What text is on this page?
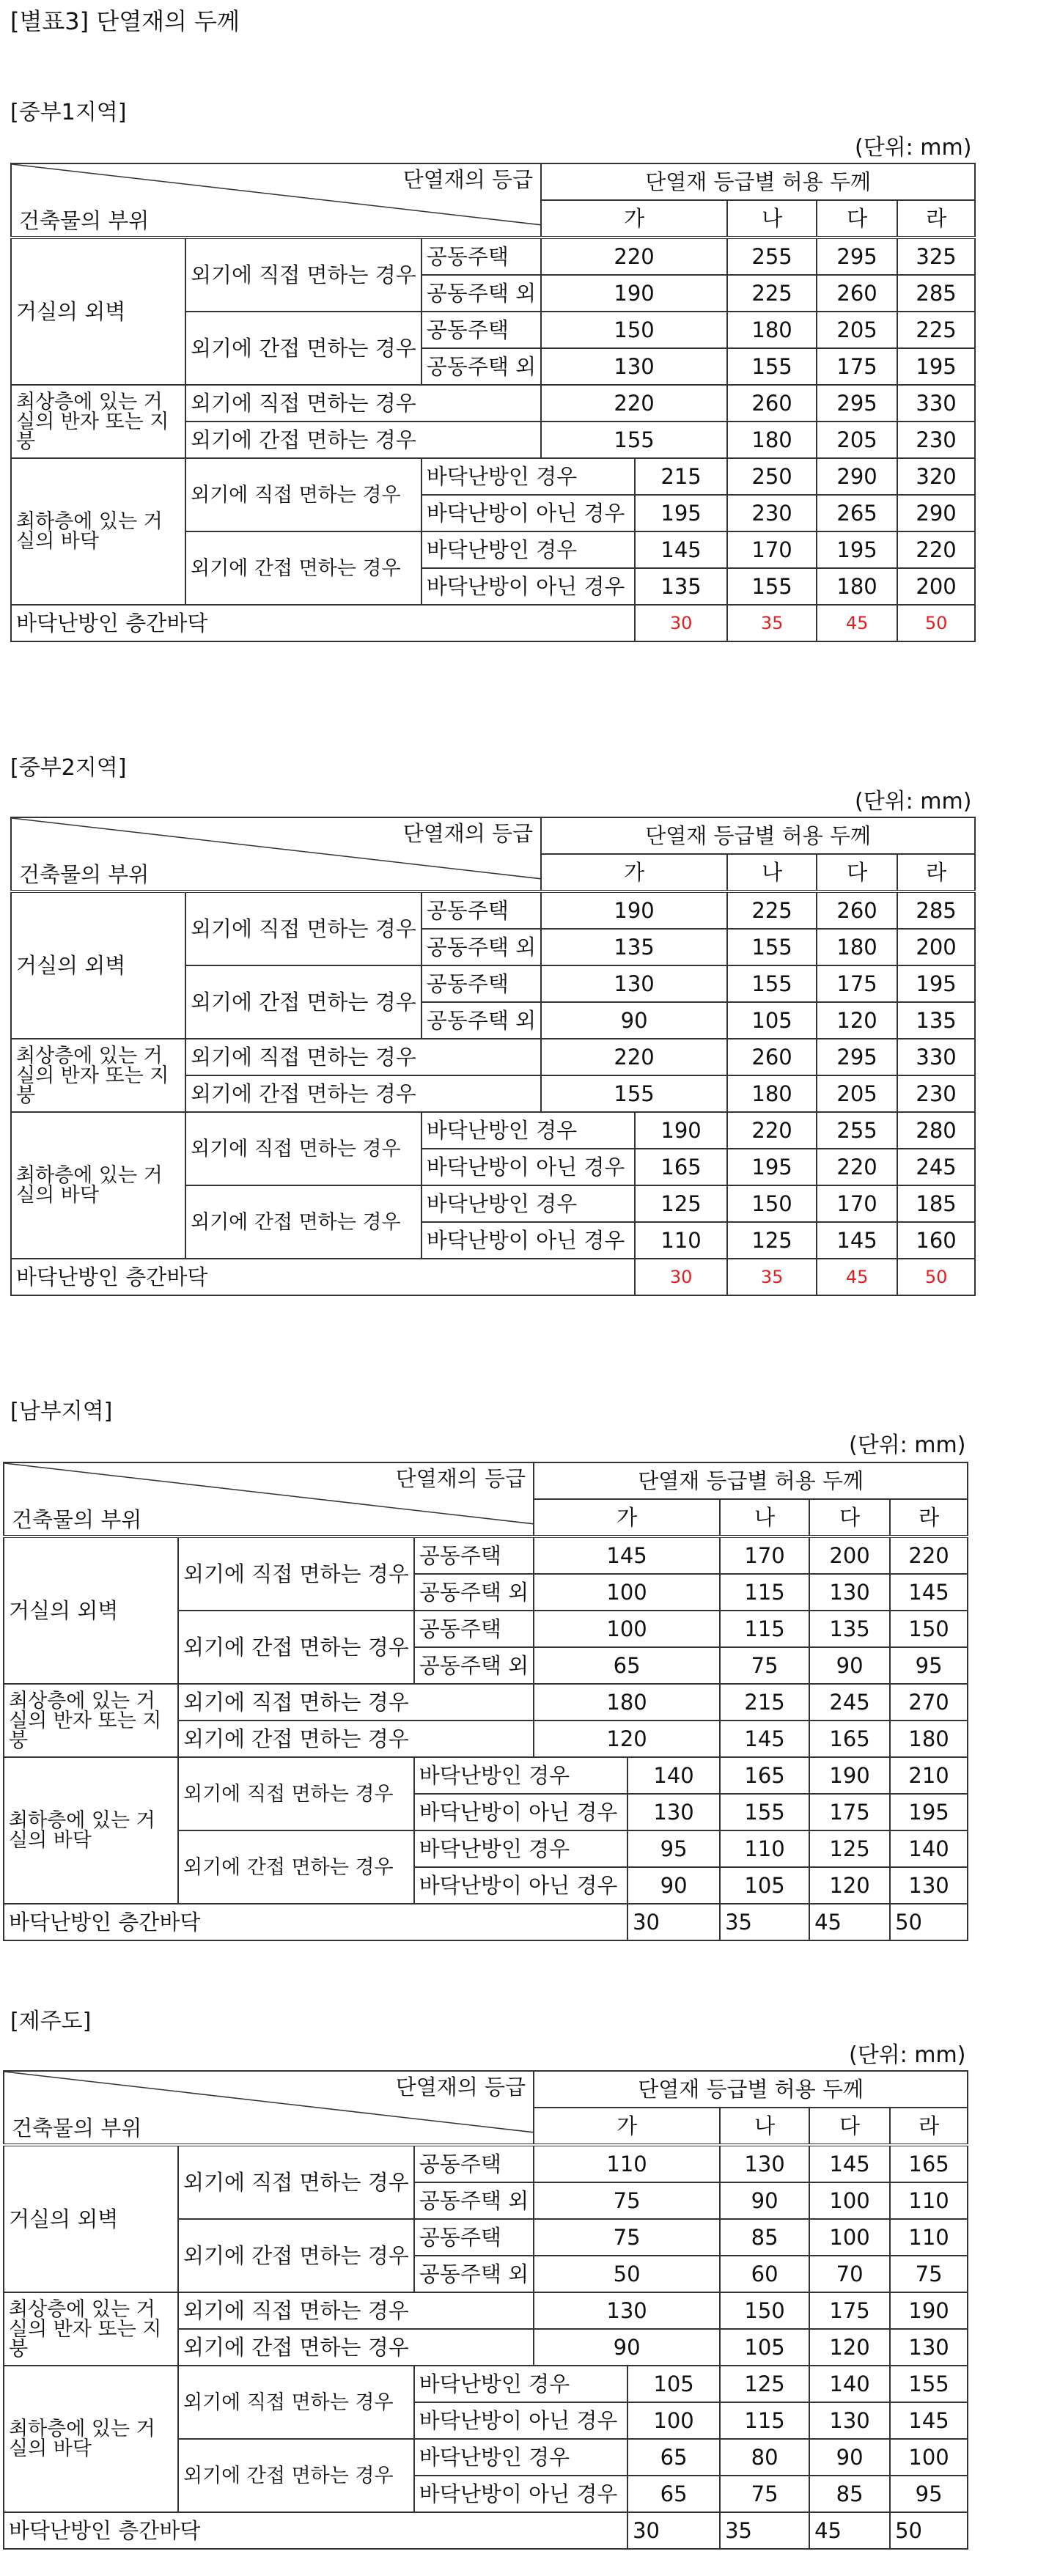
[별표3] 단열재의 두께
[중부1지역]
(단위: mm)
단열재의 등급
건축물의 부위			단열재 등급별 허용 두께				
			가		나	다	라
거실의 외벽	외기에 직접 면하는 경우	공동주택	220		255	295	325
		공동주택 외	190		225	260	285
	외기에 간접 면하는 경우	공동주택	150		180	205	225
		공동주택 외	130		155	175	195
최상층에 있는 거실의 반자 또는 지붕	외기에 직접 면하는 경우		220		260	295	330
	외기에 간접 면하는 경우		155		180	205	230
최하층에 있는 거실의 바닥	외기에 직접 면하는 경우	바닥난방인 경우		215	250	290	320
		바닥난방이 아닌 경우		195	230	265	290
	외기에 간접 면하는 경우	바닥난방인 경우		145	170	195	220
		바닥난방이 아닌 경우		135	155	180	200
바닥난방인 층간바닥				30	35	45	50
[중부2지역]
(단위: mm)
단열재의 등급
건축물의 부위			단열재 등급별 허용 두께				
			가		나	다	라
거실의 외벽	외기에 직접 면하는 경우	공동주택	190		225	260	285
		공동주택 외	135		155	180	200
	외기에 간접 면하는 경우	공동주택	130		155	175	195
		공동주택 외	90		105	120	135
최상층에 있는 거실의 반자 또는 지붕	외기에 직접 면하는 경우		220		260	295	330
	외기에 간접 면하는 경우		155		180	205	230
최하층에 있는 거실의 바닥	외기에 직접 면하는 경우	바닥난방인 경우		190	220	255	280
		바닥난방이 아닌 경우		165	195	220	245
	외기에 간접 면하는 경우	바닥난방인 경우		125	150	170	185
		바닥난방이 아닌 경우		110	125	145	160
바닥난방인 층간바닥				30	35	45	50
[남부지역]
(단위: mm)
단열재의 등급
건축물의 부위			단열재 등급별 허용 두께				
			가		나	다	라
거실의 외벽	외기에 직접 면하는 경우	공동주택	145		170	200	220
		공동주택 외	100		115	130	145
	외기에 간접 면하는 경우	공동주택	100		115	135	150
		공동주택 외	65		75	90	95
최상층에 있는 거실의 반자 또는 지붕	외기에 직접 면하는 경우		180		215	245	270
	외기에 간접 면하는 경우		120		145	165	180
최하층에 있는 거실의 바닥	외기에 직접 면하는 경우	바닥난방인 경우		140	165	190	210
		바닥난방이 아닌 경우		130	155	175	195
	외기에 간접 면하는 경우	바닥난방인 경우		95	110	125	140
		바닥난방이 아닌 경우		90	105	120	130
바닥난방인 층간바닥				30	35	45	50
[제주도]
(단위: mm)
단열재의 등급
건축물의 부위			단열재 등급별 허용 두께				
			가		나	다	라
거실의 외벽	외기에 직접 면하는 경우	공동주택	110		130	145	165
		공동주택 외	75		90	100	110
	외기에 간접 면하는 경우	공동주택	75		85	100	110
		공동주택 외	50		60	70	75
최상층에 있는 거실의 반자 또는 지붕	외기에 직접 면하는 경우		130		150	175	190
	외기에 간접 면하는 경우		90		105	120	130
최하층에 있는 거실의 바닥	외기에 직접 면하는 경우	바닥난방인 경우		105	125	140	155
		바닥난방이 아닌 경우		100	115	130	145
	외기에 간접 면하는 경우	바닥난방인 경우		65	80	90	100
		바닥난방이 아닌 경우		65	75	85	95
바닥난방인 층간바닥				30	35	45	50
